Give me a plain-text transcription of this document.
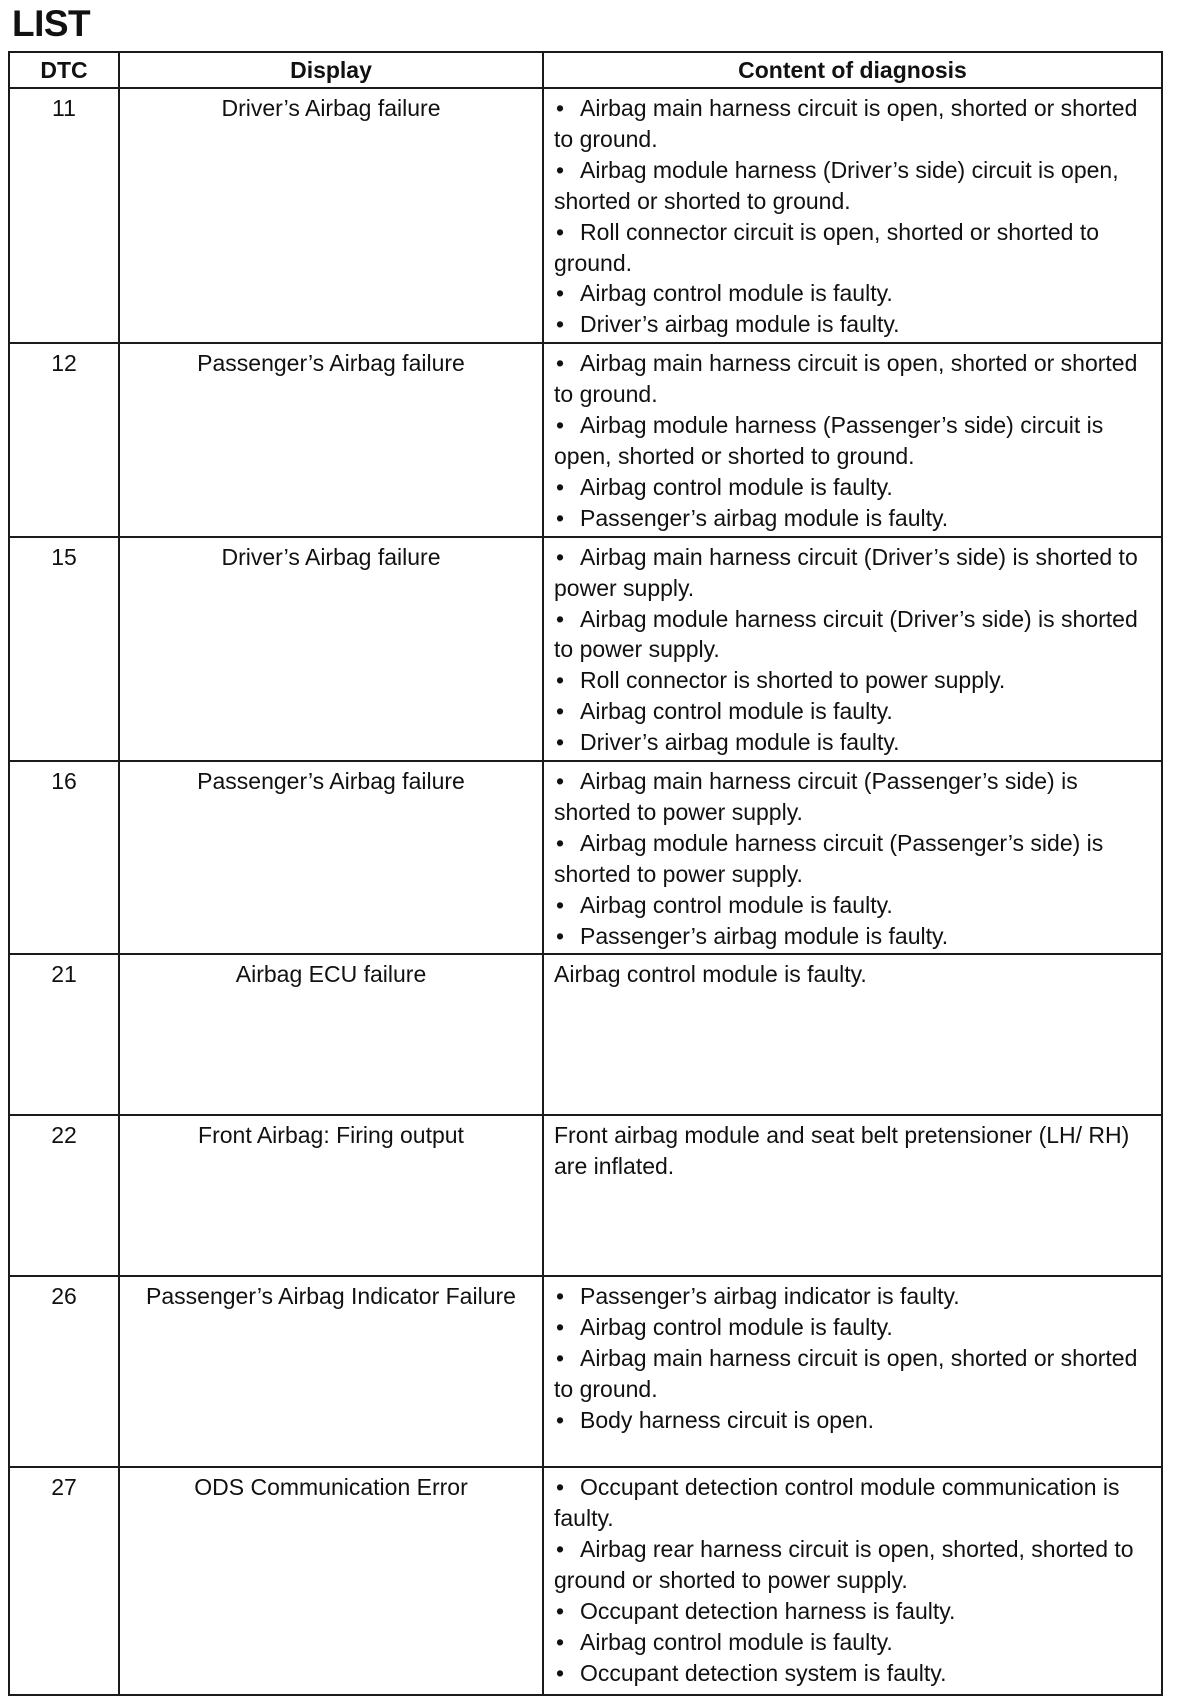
LIST
DTC	Display	Content of diagnosis
11	Driver’s Airbag failure	• Airbag main harness circuit is open, shorted or shorted to ground.
• Airbag module harness (Driver’s side) circuit is open, shorted or shorted to ground.
• Roll connector circuit is open, shorted or shorted to ground.
• Airbag control module is faulty.
• Driver’s airbag module is faulty.

12	Passenger’s Airbag failure	• Airbag main harness circuit is open, shorted or shorted to ground.
• Airbag module harness (Passenger’s side) circuit is open, shorted or shorted to ground.
• Airbag control module is faulty.
• Passenger’s airbag module is faulty.

15	Driver’s Airbag failure	• Airbag main harness circuit (Driver’s side) is shorted to power supply.
• Airbag module harness circuit (Driver’s side) is shorted to power supply.
• Roll connector is shorted to power supply.
• Airbag control module is faulty.
• Driver’s airbag module is faulty.

16	Passenger’s Airbag failure	• Airbag main harness circuit (Passenger’s side) is shorted to power supply.
• Airbag module harness circuit (Passenger’s side) is shorted to power supply.
• Airbag control module is faulty.
• Passenger’s airbag module is faulty.

21	Airbag ECU failure	Airbag control module is faulty.

22	Front Airbag: Firing output	Front airbag module and seat belt pretensioner (LH/ RH) are inflated.

26	Passenger’s Airbag Indicator Failure	• Passenger’s airbag indicator is faulty.
• Airbag control module is faulty.
• Airbag main harness circuit is open, shorted or shorted to ground.
• Body harness circuit is open.

27	ODS Communication Error	• Occupant detection control module communication is faulty.
• Airbag rear harness circuit is open, shorted, shorted to ground or shorted to power supply.
• Occupant detection harness is faulty.
• Airbag control module is faulty.
• Occupant detection system is faulty.
